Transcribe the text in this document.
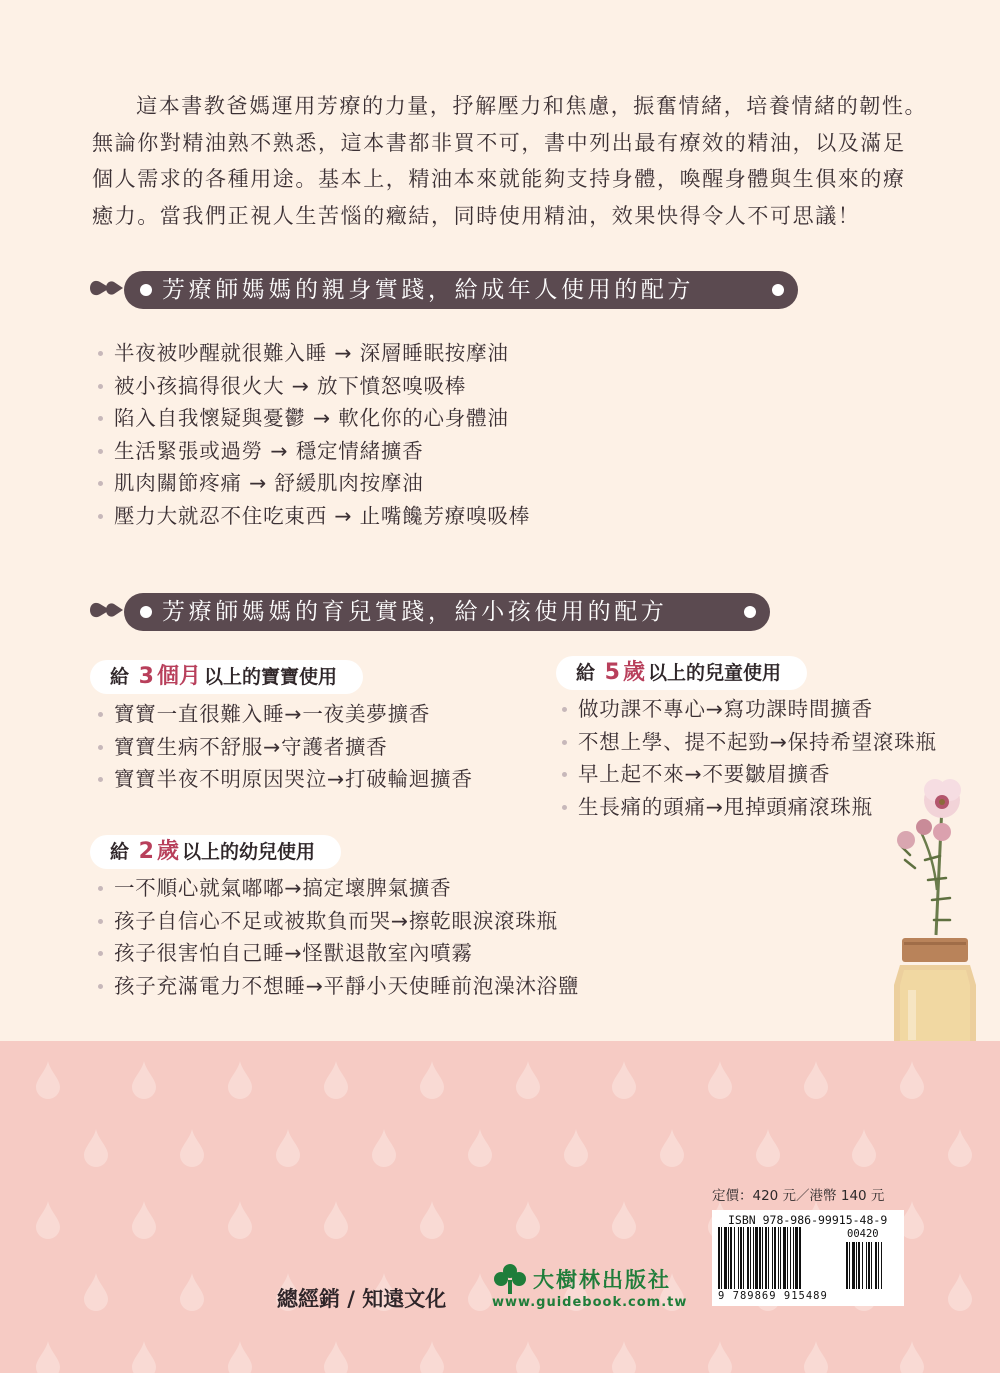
這本書教爸媽運用芳療的力量，抒解壓力和焦慮，振奮情緒，培養情緒的韌性。

無論你對精油熟不熟悉，這本書都非買不可，書中列出最有療效的精油，以及滿足
個人需求的各種用途。基本上，精油本來就能夠支持身體，喚醒身體與生俱來的療
癒力。當我們正視人生苦惱的癥結，同時使用精油，效果快得令人不可思議！
芳療師媽媽的親身實踐，給成年人使用的配方
半夜被吵醒就很難入睡 → 深層睡眠按摩油
被小孩搞得很火大 → 放下憤怒嗅吸棒
陷入自我懷疑與憂鬱 → 軟化你的心身體油
生活緊張或過勞 → 穩定情緒擴香
肌肉關節疼痛 → 舒緩肌肉按摩油
壓力大就忍不住吃東西 → 止嘴饞芳療嗅吸棒
芳療師媽媽的育兒實踐，給小孩使用的配方
給 3 個月 以上的寶寶使用
寶寶一直很難入睡→一夜美夢擴香
寶寶生病不舒服→守護者擴香
寶寶半夜不明原因哭泣→打破輪迴擴香
給 5 歲 以上的兒童使用
做功課不專心→寫功課時間擴香
不想上學、提不起勁→保持希望滾珠瓶
早上起不來→不要皺眉擴香
生長痛的頭痛→甩掉頭痛滾珠瓶
給 2 歲 以上的幼兒使用
一不順心就氣嘟嘟→搞定壞脾氣擴香
孩子自信心不足或被欺負而哭→擦乾眼淚滾珠瓶
孩子很害怕自己睡→怪獸退散室內噴霧
孩子充滿電力不想睡→平靜小天使睡前泡澡沐浴鹽
定價：420 元／港幣 140 元
ISBN 978-986-99915-48-9
00420
9 789869 915489
總經銷 / 知遠文化
大樹林出版社
www.guidebook.com.tw
